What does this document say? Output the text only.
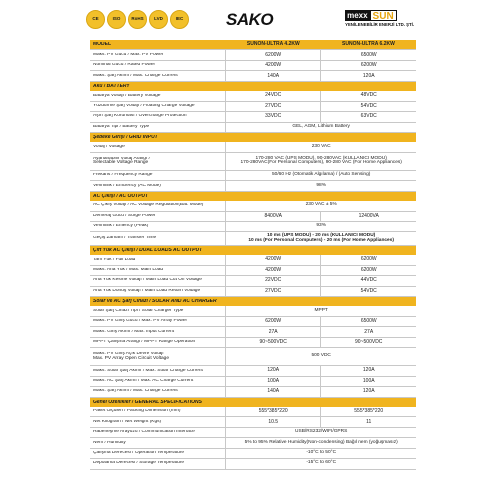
CE	ISO	RoHS	LVD	IEC	SAKO	mexx SUN
YENİLENEBİLİR ENERJİ LTD. ŞTİ.
MODEL	SUNON-ULTRA 4.2KW	SUNON-ULTRA 6.2KW
Maks. PV Gücü / Max. PV Power	6200W	6500W
Nominal Gücü / Rated Power	4200W	6200W
Maks. Şarj Akımı / Max. Charge Current	140A	120A
Akü / BATTERY
Batarya Voltajı / Battery Voltage	24VDC	48VDC
Yüzdürme Şarj Voltajı / Floating Charge Voltage	27VDC	54VDC
Aşırı Şarj Koruması / Overcharge Protection	33VDC	63VDC
Batarya Tipi / Battery Type	GEL, AGM, Lithium Battery
Şebeke Girişi / GRID INPUT
Voltaj / Voltage	230 VAC
Ayarlanabilir Voltaj Aralığı /
Selectable Voltage Range
170-280 VAC (UPS MODU), 90-280VAC (KULLANICI MODU)
170-280VAC(For Personal Computers), 90-280 VAC (For Home Appliances)
Frekans / Frequency Range	50/60 Hz (Otomatik Algılama) / (Auto Sensing)
Verimlilik / Efficiency (AC Mode)	98%
AC Çıkışı / AC OUTPUT
AC Çıkış Voltajı / AC Voltage Regulation(Bat. Mode)	230 VAC ± 5%
Demeraj Gücü / Surge Power	8400VA	12400VA
Verimlilik / Effiency (Peak)	93%
Geçiş Zamanı / Transfer Time	10 ms (UPS MODU) - 20 ms (KULLANICI MODU)
10 ms (For Personal Computers) - 20 ms (For Home Appliances)
Çift Yük AC Çıkışı / DUAL LOADS AC OUTPUT
Tam Yük / Full Load	4200W	6200W
Maks. Ana Yük / Max. Main Load	4200W	6200W
Ana Yük Kesme Voltajı / Main Load Cut Off Voltage	22VDC	44VDC
Ana Yük Dönüş Voltajı / Main Load Return Voltage	27VDC	54VDC
Solar ve AC Şarj Cihazı / SOLAR AND AC CHARGER
Solar Şarj Cihazı Tipi / Solar Charger Type	MPPT
Maks. PV Giriş Gücü / Max. PV Array Power	6200W	6500W
Maks. Giriş Akımı / Max. Input Current	27A	27A
MPPT Çalışma Aralığı / MPPT Range Operation	90~500VDC	90~500VDC
Maks. PV Giriş Açık Devre Voltajı
Max. PV Array Open Circuit Voltage	500 VDC
Maks. Solar Şarj Akımı / Max. Solar Charge Current	120A	120A
Maks. AC Şarj Akımı / Max. AC Charge Current	100A	100A
Maks. Şarj Akımı / Max. Charge Current	140A	120A
Genel Özellikler / GENERAL SPECIFICATIONS
Paket Ölçüleri / Packing Dimension (mm)	555*385*220	555*385*220
Net Kilogram / Net Weight (Kgs)	10.5	11
Haberleşme Arayüzü / Communication Interface	USB/RS232/WIFI/GPRS
Nem / Humidity	5% to 95% Relative Humidity(Non-condensing) Bağıl nem (yoğuşmasız)
Çalışma Derecesi / Operation Temperature	-10°C to 50°C
Depolama Derecesi / Storage Temperature	-15°C to 60°C
